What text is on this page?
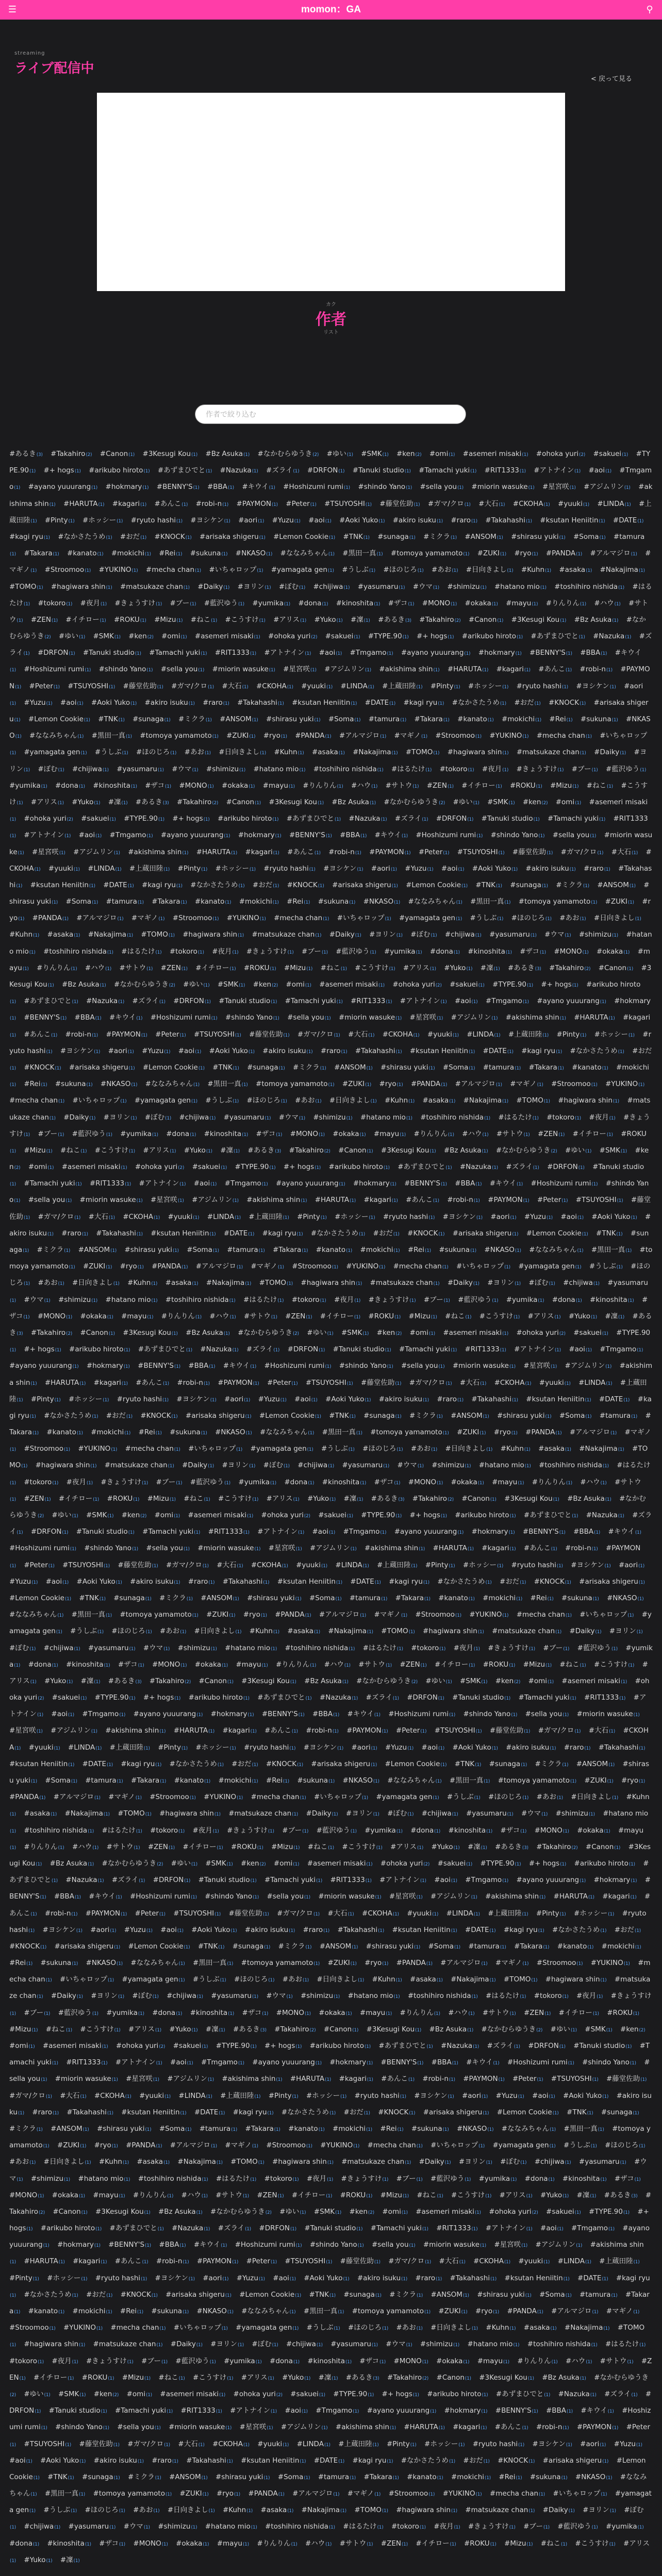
☰	momon：GA	⚲
streaming
ライブ配信中
< 戻って見る
カク
作者
リスト
作者で絞り込む
#あるき(3) #Takahiro(2) #Canon(1) #3Kesugi Kou(1) #Bz Asuka(1) #なかむらゆうき(2) #ゆい(1) #SMK(1) #ken(2) #omi(1) #asemeri misaki(1) #ohoka yuri(2) #sakuei(1) #TYPE.90(1) #+ hogs(1) #arikubo hiroto(1) #あずまひでと(1) #Nazuka(1) #ズライ(1) #DRFON(1) #Tanuki studio(1) #Tamachi yuki(1) #RIT1333(1) #アトナイン(1) #aoi(1) #Tmgamo(1) #ayano yuuurang(1) #hokmary(1) #BENNY'S(1) #BBA(1) #キウイ(1) #Hoshizumi rumi(1) #shindo Yano(1) #sella you(1) #miorin wasuke(1) #星宮咲(1) #アジムリン(1) #akishima shin(1) #HARUTA(1) #kagari(1) #あんこ(1) #robi-n(1) #PAYMON(1) #Peter(1) #TSUYOSHI(1) #藤堂佐助(1) #ガマ/クロ(1) #大石(1) #CKOHA(1) #yuuki(1) #LINDA(1) #上蔵田陸(1) #Pinty(1) #ホッシー(1) #ryuto hashi(1) #ヨシケン(1) #aori(1) #Yuzu(1) #aoi(1) #Aoki Yuko(1) #akiro isuku(1) #raro(1) #Takahashi(1) #ksutan Heniitin(1) #DATE(1) #kagi ryu(1) #なかさたうめ(1) #おだ(1) #KNOCK(1) #arisaka shigeru(1) #Lemon Cookie(1) #TNK(1) #sunaga(1) #ミクラ(1) #ANSOM(1) #shirasu yuki(1) #Soma(1) #tamura(1) #Takara(1) #kanato(1) #mokichi(1) #Rei(1) #sukuna(1) #NKASO(1) #ななみちゃん(1) #黒田一真(1) #tomoya yamamoto(1) #ZUKI(1) #ryo(1) #PANDA(1) #アルマジロ(1) #マギノ(1) #Stroomoo(1) #YUKINO(1) #mecha chan(1) #いちゃロップ(1) #yamagata gen(1) #うしぶ(1) #ほのじろ(1) #あお(1) #日向きよし(1) #Kuhn(1) #asaka(1) #Nakajima(1) #TOMO(1) #hagiwara shin(1) #matsukaze chan(1) #Daiky(1) #ヨリン(1) #ぼむ(1) #chijiwa(1) #yasumaru(1) #ウマ(1) #shimizu(1) #hatano mio(1) #toshihiro nishida(1) #はるたけ(1) #tokoro(1) #夜月(1) #きょうすけ(1) #ブー(1) #藍沢ゆう(1) #yumika(1) #dona(1) #kinoshita(1) #ザコ(1) #MONO(1) #okaka(1) #mayu(1) #りんりん(1) #ハウ(1) #サトウ(1) #ZEN(1) #イチロー(1) #ROKU(1) #Mizu(1) #ねこ(1) #こうすけ(1) #アリス(1) #Yuko(1) #凜(1) #あるき(3) #Takahiro(2) #Canon(1) #3Kesugi Kou(1) #Bz Asuka(1) #なかむらゆうき(2) #ゆい(1) #SMK(1) #ken(2) #omi(1) #asemeri misaki(1) #ohoka yuri(2) #sakuei(1) #TYPE.90(1) #+ hogs(1) #arikubo hiroto(1) #あずまひでと(1) #Nazuka(1) #ズライ(1) #DRFON(1) #Tanuki studio(1) #Tamachi yuki(1) #RIT1333(1) #アトナイン(1) #aoi(1) #Tmgamo(1) #ayano yuuurang(1) #hokmary(1) #BENNY'S(1) #BBA(1) #キウイ(1) #Hoshizumi rumi(1) #shindo Yano(1) #sella you(1) #miorin wasuke(1) #星宮咲(1) #アジムリン(1) #akishima shin(1) #HARUTA(1) #kagari(1) #あんこ(1) #robi-n(1) #PAYMON(1) #Peter(1) #TSUYOSHI(1) #藤堂佐助(1) #ガマ/クロ(1) #大石(1) #CKOHA(1) #yuuki(1) #LINDA(1) #上蔵田陸(1) #Pinty(1) #ホッシー(1) #ryuto hashi(1) #ヨシケン(1) #aori(1) #Yuzu(1) #aoi(1) #Aoki Yuko(1) #akiro isuku(1) #raro(1) #Takahashi(1) #ksutan Heniitin(1) #DATE(1) #kagi ryu(1) #なかさたうめ(1) #おだ(1) #KNOCK(1) #arisaka shigeru(1) #Lemon Cookie(1) #TNK(1) #sunaga(1) #ミクラ(1) #ANSOM(1) #shirasu yuki(1) #Soma(1) #tamura(1) #Takara(1) #kanato(1) #mokichi(1) #Rei(1) #sukuna(1) #NKASO(1) #ななみちゃん(1) #黒田一真(1) #tomoya yamamoto(1) #ZUKI(1) #ryo(1) #PANDA(1) #アルマジロ(1) #マギノ(1) #Stroomoo(1) #YUKINO(1) #mecha chan(1) #いちゃロップ(1) #yamagata gen(1) #うしぶ(1) #ほのじろ(1) #あお(1) #日向きよし(1) #Kuhn(1) #asaka(1) #Nakajima(1) #TOMO(1) #hagiwara shin(1) #matsukaze chan(1) #Daiky(1) #ヨリン(1) #ぼむ(1) #chijiwa(1) #yasumaru(1) #ウマ(1) #shimizu(1) #hatano mio(1) #toshihiro nishida(1) #はるたけ(1) #tokoro(1) #夜月(1) #きょうすけ(1) #ブー(1) #藍沢ゆう(1) #yumika(1) #dona(1) #kinoshita(1) #ザコ(1) #MONO(1) #okaka(1) #mayu(1) #りんりん(1) #ハウ(1) #サトウ(1) #ZEN(1) #イチロー(1) #ROKU(1) #Mizu(1) #ねこ(1) #こうすけ(1) #アリス(1) #Yuko(1) #凜(1) #あるき(3) #Takahiro(2) #Canon(1) #3Kesugi Kou(1) #Bz Asuka(1) #なかむらゆうき(2) #ゆい(1) #SMK(1) #ken(2) #omi(1) #asemeri misaki(1) #ohoka yuri(2) #sakuei(1) #TYPE.90(1) #+ hogs(1) #arikubo hiroto(1) #あずまひでと(1) #Nazuka(1) #ズライ(1) #DRFON(1) #Tanuki studio(1) #Tamachi yuki(1) #RIT1333(1) #アトナイン(1) #aoi(1) #Tmgamo(1) #ayano yuuurang(1) #hokmary(1) #BENNY'S(1) #BBA(1) #キウイ(1) #Hoshizumi rumi(1) #shindo Yano(1) #sella you(1) #miorin wasuke(1) #星宮咲(1) #アジムリン(1) #akishima shin(1) #HARUTA(1) #kagari(1) #あんこ(1) #robi-n(1) #PAYMON(1) #Peter(1) #TSUYOSHI(1) #藤堂佐助(1) #ガマ/クロ(1) #大石(1) #CKOHA(1) #yuuki(1) #LINDA(1) #上蔵田陸(1) #Pinty(1) #ホッシー(1) #ryuto hashi(1) #ヨシケン(1) #aori(1) #Yuzu(1) #aoi(1) #Aoki Yuko(1) #akiro isuku(1) #raro(1) #Takahashi(1) #ksutan Heniitin(1) #DATE(1) #kagi ryu(1) #なかさたうめ(1) #おだ(1) #KNOCK(1) #arisaka shigeru(1) #Lemon Cookie(1) #TNK(1) #sunaga(1) #ミクラ(1) #ANSOM(1) #shirasu yuki(1) #Soma(1) #tamura(1) #Takara(1) #kanato(1) #mokichi(1) #Rei(1) #sukuna(1) #NKASO(1) #ななみちゃん(1) #黒田一真(1) #tomoya yamamoto(1) #ZUKI(1) #ryo(1) #PANDA(1) #アルマジロ(1) #マギノ(1) #Stroomoo(1) #YUKINO(1) #mecha chan(1) #いちゃロップ(1) #yamagata gen(1) #うしぶ(1) #ほのじろ(1) #あお(1) #日向きよし(1) #Kuhn(1) #asaka(1) #Nakajima(1) #TOMO(1) #hagiwara shin(1) #matsukaze chan(1) #Daiky(1) #ヨリン(1) #ぼむ(1) #chijiwa(1) #yasumaru(1) #ウマ(1) #shimizu(1) #hatano mio(1) #toshihiro nishida(1) #はるたけ(1) #tokoro(1) #夜月(1) #きょうすけ(1) #ブー(1) #藍沢ゆう(1) #yumika(1) #dona(1) #kinoshita(1) #ザコ(1) #MONO(1) #okaka(1) #mayu(1) #りんりん(1) #ハウ(1) #サトウ(1) #ZEN(1) #イチロー(1) #ROKU(1) #Mizu(1) #ねこ(1) #こうすけ(1) #アリス(1) #Yuko(1) #凜(1) #あるき(3) #Takahiro(2) #Canon(1) #3Kesugi Kou(1) #Bz Asuka(1) #なかむらゆうき(2) #ゆい(1) #SMK(1) #ken(2) #omi(1) #asemeri misaki(1) #ohoka yuri(2) #sakuei(1) #TYPE.90(1) #+ hogs(1) #arikubo hiroto(1) #あずまひでと(1) #Nazuka(1) #ズライ(1) #DRFON(1) #Tanuki studio(1) #Tamachi yuki(1) #RIT1333(1) #アトナイン(1) #aoi(1) #Tmgamo(1) #ayano yuuurang(1) #hokmary(1) #BENNY'S(1) #BBA(1) #キウイ(1) #Hoshizumi rumi(1) #shindo Yano(1) #sella you(1) #miorin wasuke(1) #星宮咲(1) #アジムリン(1) #akishima shin(1) #HARUTA(1) #kagari(1) #あんこ(1) #robi-n(1) #PAYMON(1) #Peter(1) #TSUYOSHI(1) #藤堂佐助(1) #ガマ/クロ(1) #大石(1) #CKOHA(1) #yuuki(1) #LINDA(1) #上蔵田陸(1) #Pinty(1) #ホッシー(1) #ryuto hashi(1) #ヨシケン(1) #aori(1) #Yuzu(1) #aoi(1) #Aoki Yuko(1) #akiro isuku(1) #raro(1) #Takahashi(1) #ksutan Heniitin(1) #DATE(1) #kagi ryu(1) #なかさたうめ(1) #おだ(1) #KNOCK(1) #arisaka shigeru(1) #Lemon Cookie(1) #TNK(1) #sunaga(1) #ミクラ(1) #ANSOM(1) #shirasu yuki(1) #Soma(1) #tamura(1) #Takara(1) #kanato(1) #mokichi(1) #Rei(1) #sukuna(1) #NKASO(1) #ななみちゃん(1) #黒田一真(1) #tomoya yamamoto(1) #ZUKI(1) #ryo(1) #PANDA(1) #アルマジロ(1) #マギノ(1) #Stroomoo(1) #YUKINO(1) #mecha chan(1) #いちゃロップ(1) #yamagata gen(1) #うしぶ(1) #ほのじろ(1) #あお(1) #日向きよし(1) #Kuhn(1) #asaka(1) #Nakajima(1) #TOMO(1) #hagiwara shin(1) #matsukaze chan(1) #Daiky(1) #ヨリン(1) #ぼむ(1) #chijiwa(1) #yasumaru(1) #ウマ(1) #shimizu(1) #hatano mio(1) #toshihiro nishida(1) #はるたけ(1) #tokoro(1) #夜月(1) #きょうすけ(1) #ブー(1) #藍沢ゆう(1) #yumika(1) #dona(1) #kinoshita(1) #ザコ(1) #MONO(1) #okaka(1) #mayu(1) #りんりん(1) #ハウ(1) #サトウ(1) #ZEN(1) #イチロー(1) #ROKU(1) #Mizu(1) #ねこ(1) #こうすけ(1) #アリス(1) #Yuko(1) #凜(1) #あるき(3) #Takahiro(2) #Canon(1) #3Kesugi Kou(1) #Bz Asuka(1) #なかむらゆうき(2) #ゆい(1) #SMK(1) #ken(2) #omi(1) #asemeri misaki(1) #ohoka yuri(2) #sakuei(1) #TYPE.90(1) #+ hogs(1) #arikubo hiroto(1) #あずまひでと(1) #Nazuka(1) #ズライ(1) #DRFON(1) #Tanuki studio(1) #Tamachi yuki(1) #RIT1333(1) #アトナイン(1) #aoi(1) #Tmgamo(1) #ayano yuuurang(1) #hokmary(1) #BENNY'S(1) #BBA(1) #キウイ(1) #Hoshizumi rumi(1) #shindo Yano(1) #sella you(1) #miorin wasuke(1) #星宮咲(1) #アジムリン(1) #akishima shin(1) #HARUTA(1) #kagari(1) #あんこ(1) #robi-n(1) #PAYMON(1) #Peter(1) #TSUYOSHI(1) #藤堂佐助(1) #ガマ/クロ(1) #大石(1) #CKOHA(1) #yuuki(1) #LINDA(1) #上蔵田陸(1) #Pinty(1) #ホッシー(1) #ryuto hashi(1) #ヨシケン(1) #aori(1) #Yuzu(1) #aoi(1) #Aoki Yuko(1) #akiro isuku(1) #raro(1) #Takahashi(1) #ksutan Heniitin(1) #DATE(1) #kagi ryu(1) #なかさたうめ(1) #おだ(1) #KNOCK(1) #arisaka shigeru(1) #Lemon Cookie(1) #TNK(1) #sunaga(1) #ミクラ(1) #ANSOM(1) #shirasu yuki(1) #Soma(1) #tamura(1) #Takara(1) #kanato(1) #mokichi(1) #Rei(1) #sukuna(1) #NKASO(1) #ななみちゃん(1) #黒田一真(1) #tomoya yamamoto(1) #ZUKI(1) #ryo(1) #PANDA(1) #アルマジロ(1) #マギノ(1) #Stroomoo(1) #YUKINO(1) #mecha chan(1) #いちゃロップ(1) #yamagata gen(1) #うしぶ(1) #ほのじろ(1) #あお(1) #日向きよし(1) #Kuhn(1) #asaka(1) #Nakajima(1) #TOMO(1) #hagiwara shin(1) #matsukaze chan(1) #Daiky(1) #ヨリン(1) #ぼむ(1) #chijiwa(1) #yasumaru(1) #ウマ(1) #shimizu(1) #hatano mio(1) #toshihiro nishida(1) #はるたけ(1) #tokoro(1) #夜月(1) #きょうすけ(1) #ブー(1) #藍沢ゆう(1) #yumika(1) #dona(1) #kinoshita(1) #ザコ(1) #MONO(1) #okaka(1) #mayu(1) #りんりん(1) #ハウ(1) #サトウ(1) #ZEN(1) #イチロー(1) #ROKU(1) #Mizu(1) #ねこ(1) #こうすけ(1) #アリス(1) #Yuko(1) #凜(1) #あるき(3) #Takahiro(2) #Canon(1) #3Kesugi Kou(1) #Bz Asuka(1) #なかむらゆうき(2) #ゆい(1) #SMK(1) #ken(2) #omi(1) #asemeri misaki(1) #ohoka yuri(2) #sakuei(1) #TYPE.90(1) #+ hogs(1) #arikubo hiroto(1) #あずまひでと(1) #Nazuka(1) #ズライ(1) #DRFON(1) #Tanuki studio(1) #Tamachi yuki(1) #RIT1333(1) #アトナイン(1) #aoi(1) #Tmgamo(1) #ayano yuuurang(1) #hokmary(1) #BENNY'S(1) #BBA(1) #キウイ(1) #Hoshizumi rumi(1) #shindo Yano(1) #sella you(1) #miorin wasuke(1) #星宮咲(1) #アジムリン(1) #akishima shin(1) #HARUTA(1) #kagari(1) #あんこ(1) #robi-n(1) #PAYMON(1) #Peter(1) #TSUYOSHI(1) #藤堂佐助(1) #ガマ/クロ(1) #大石(1) #CKOHA(1) #yuuki(1) #LINDA(1) #上蔵田陸(1) #Pinty(1) #ホッシー(1) #ryuto hashi(1) #ヨシケン(1) #aori(1) #Yuzu(1) #aoi(1) #Aoki Yuko(1) #akiro isuku(1) #raro(1) #Takahashi(1) #ksutan Heniitin(1) #DATE(1) #kagi ryu(1) #なかさたうめ(1) #おだ(1) #KNOCK(1) #arisaka shigeru(1) #Lemon Cookie(1) #TNK(1) #sunaga(1) #ミクラ(1) #ANSOM(1) #shirasu yuki(1) #Soma(1) #tamura(1) #Takara(1) #kanato(1) #mokichi(1) #Rei(1) #sukuna(1) #NKASO(1) #ななみちゃん(1) #黒田一真(1) #tomoya yamamoto(1) #ZUKI(1) #ryo(1) #PANDA(1) #アルマジロ(1) #マギノ(1) #Stroomoo(1) #YUKINO(1) #mecha chan(1) #いちゃロップ(1) #yamagata gen(1) #うしぶ(1) #ほのじろ(1) #あお(1) #日向きよし(1) #Kuhn(1) #asaka(1) #Nakajima(1) #TOMO(1) #hagiwara shin(1) #matsukaze chan(1) #Daiky(1) #ヨリン(1) #ぼむ(1) #chijiwa(1) #yasumaru(1) #ウマ(1) #shimizu(1) #hatano mio(1) #toshihiro nishida(1) #はるたけ(1) #tokoro(1) #夜月(1) #きょうすけ(1) #ブー(1) #藍沢ゆう(1) #yumika(1) #dona(1) #kinoshita(1) #ザコ(1) #MONO(1) #okaka(1) #mayu(1) #りんりん(1) #ハウ(1) #サトウ(1) #ZEN(1) #イチロー(1) #ROKU(1) #Mizu(1) #ねこ(1) #こうすけ(1) #アリス(1) #Yuko(1) #凜(1) #あるき(3) #Takahiro(2) #Canon(1) #3Kesugi Kou(1) #Bz Asuka(1) #なかむらゆうき(2) #ゆい(1) #SMK(1) #ken(2) #omi(1) #asemeri misaki(1) #ohoka yuri(2) #sakuei(1) #TYPE.90(1) #+ hogs(1) #arikubo hiroto(1) #あずまひでと(1) #Nazuka(1) #ズライ(1) #DRFON(1) #Tanuki studio(1) #Tamachi yuki(1) #RIT1333(1) #アトナイン(1) #aoi(1) #Tmgamo(1) #ayano yuuurang(1) #hokmary(1) #BENNY'S(1) #BBA(1) #キウイ(1) #Hoshizumi rumi(1) #shindo Yano(1) #sella you(1) #miorin wasuke(1) #星宮咲(1) #アジムリン(1) #akishima shin(1) #HARUTA(1) #kagari(1) #あんこ(1) #robi-n(1) #PAYMON(1) #Peter(1) #TSUYOSHI(1) #藤堂佐助(1) #ガマ/クロ(1) #大石(1) #CKOHA(1) #yuuki(1) #LINDA(1) #上蔵田陸(1) #Pinty(1) #ホッシー(1) #ryuto hashi(1) #ヨシケン(1) #aori(1) #Yuzu(1) #aoi(1) #Aoki Yuko(1) #akiro isuku(1) #raro(1) #Takahashi(1) #ksutan Heniitin(1) #DATE(1) #kagi ryu(1) #なかさたうめ(1) #おだ(1) #KNOCK(1) #arisaka shigeru(1) #Lemon Cookie(1) #TNK(1) #sunaga(1) #ミクラ(1) #ANSOM(1) #shirasu yuki(1) #Soma(1) #tamura(1) #Takara(1) #kanato(1) #mokichi(1) #Rei(1) #sukuna(1) #NKASO(1) #ななみちゃん(1) #黒田一真(1) #tomoya yamamoto(1) #ZUKI(1) #ryo(1) #PANDA(1) #アルマジロ(1) #マギノ(1) #Stroomoo(1) #YUKINO(1) #mecha chan(1) #いちゃロップ(1) #yamagata gen(1) #うしぶ(1) #ほのじろ(1) #あお(1) #日向きよし(1) #Kuhn(1) #asaka(1) #Nakajima(1) #TOMO(1) #hagiwara shin(1) #matsukaze chan(1) #Daiky(1) #ヨリン(1) #ぼむ(1) #chijiwa(1) #yasumaru(1) #ウマ(1) #shimizu(1) #hatano mio(1) #toshihiro nishida(1) #はるたけ(1) #tokoro(1) #夜月(1) #きょうすけ(1) #ブー(1) #藍沢ゆう(1) #yumika(1) #dona(1) #kinoshita(1) #ザコ(1) #MONO(1) #okaka(1) #mayu(1) #りんりん(1) #ハウ(1) #サトウ(1) #ZEN(1) #イチロー(1) #ROKU(1) #Mizu(1) #ねこ(1) #こうすけ(1) #アリス(1) #Yuko(1) #凜(1) #あるき(3) #Takahiro(2) #Canon(1) #3Kesugi Kou(1) #Bz Asuka(1) #なかむらゆうき(2) #ゆい(1) #SMK(1) #ken(2) #omi(1) #asemeri misaki(1) #ohoka yuri(2) #sakuei(1) #TYPE.90(1) #+ hogs(1) #arikubo hiroto(1) #あずまひでと(1) #Nazuka(1) #ズライ(1) #DRFON(1) #Tanuki studio(1) #Tamachi yuki(1) #RIT1333(1) #アトナイン(1) #aoi(1) #Tmgamo(1) #ayano yuuurang(1) #hokmary(1) #BENNY'S(1) #BBA(1) #キウイ(1) #Hoshizumi rumi(1) #shindo Yano(1) #sella you(1) #miorin wasuke(1) #星宮咲(1) #アジムリン(1) #akishima shin(1) #HARUTA(1) #kagari(1) #あんこ(1) #robi-n(1) #PAYMON(1) #Peter(1) #TSUYOSHI(1) #藤堂佐助(1) #ガマ/クロ(1) #大石(1) #CKOHA(1) #yuuki(1) #LINDA(1) #上蔵田陸(1) #Pinty(1) #ホッシー(1) #ryuto hashi(1) #ヨシケン(1) #aori(1) #Yuzu(1) #aoi(1) #Aoki Yuko(1) #akiro isuku(1) #raro(1) #Takahashi(1) #ksutan Heniitin(1) #DATE(1) #kagi ryu(1) #なかさたうめ(1) #おだ(1) #KNOCK(1) #arisaka shigeru(1) #Lemon Cookie(1) #TNK(1) #sunaga(1) #ミクラ(1) #ANSOM(1) #shirasu yuki(1) #Soma(1) #tamura(1) #Takara(1) #kanato(1) #mokichi(1) #Rei(1) #sukuna(1) #NKASO(1) #ななみちゃん(1) #黒田一真(1) #tomoya yamamoto(1) #ZUKI(1) #ryo(1) #PANDA(1) #アルマジロ(1) #マギノ(1) #Stroomoo(1) #YUKINO(1) #mecha chan(1) #いちゃロップ(1) #yamagata gen(1) #うしぶ(1) #ほのじろ(1) #あお(1) #日向きよし(1) #Kuhn(1) #asaka(1) #Nakajima(1) #TOMO(1) #hagiwara shin(1) #matsukaze chan(1) #Daiky(1) #ヨリン(1) #ぼむ(1) #chijiwa(1) #yasumaru(1) #ウマ(1) #shimizu(1) #hatano mio(1) #toshihiro nishida(1) #はるたけ(1) #tokoro(1) #夜月(1) #きょうすけ(1) #ブー(1) #藍沢ゆう(1) #yumika(1) #dona(1) #kinoshita(1) #ザコ(1) #MONO(1) #okaka(1) #mayu(1) #りんりん(1) #ハウ(1) #サトウ(1) #ZEN(1) #イチロー(1) #ROKU(1) #Mizu(1) #ねこ(1) #こうすけ(1) #アリス(1) #Yuko(1) #凜(1) #あるき(3) #Takahiro(2) #Canon(1) #3Kesugi Kou(1) #Bz Asuka(1) #なかむらゆうき(2) #ゆい(1) #SMK(1) #ken(2) #omi(1) #asemeri misaki(1) #ohoka yuri(2) #sakuei(1) #TYPE.90(1) #+ hogs(1) #arikubo hiroto(1) #あずまひでと(1) #Nazuka(1) #ズライ(1) #DRFON(1) #Tanuki studio(1) #Tamachi yuki(1) #RIT1333(1) #アトナイン(1) #aoi(1) #Tmgamo(1) #ayano yuuurang(1) #hokmary(1) #BENNY'S(1) #BBA(1) #キウイ(1) #Hoshizumi rumi(1) #shindo Yano(1) #sella you(1) #miorin wasuke(1) #星宮咲(1) #アジムリン(1) #akishima shin(1) #HARUTA(1) #kagari(1) #あんこ(1) #robi-n(1) #PAYMON(1) #Peter(1) #TSUYOSHI(1) #藤堂佐助(1) #ガマ/クロ(1) #大石(1) #CKOHA(1) #yuuki(1) #LINDA(1) #上蔵田陸(1) #Pinty(1) #ホッシー(1) #ryuto hashi(1) #ヨシケン(1) #aori(1) #Yuzu(1) #aoi(1) #Aoki Yuko(1) #akiro isuku(1) #raro(1) #Takahashi(1) #ksutan Heniitin(1) #DATE(1) #kagi ryu(1) #なかさたうめ(1) #おだ(1) #KNOCK(1) #arisaka shigeru(1) #Lemon Cookie(1) #TNK(1) #sunaga(1) #ミクラ(1) #ANSOM(1) #shirasu yuki(1) #Soma(1) #tamura(1) #Takara(1) #kanato(1) #mokichi(1) #Rei(1) #sukuna(1) #NKASO(1) #ななみちゃん(1) #黒田一真(1) #tomoya yamamoto(1) #ZUKI(1) #ryo(1) #PANDA(1) #アルマジロ(1) #マギノ(1) #Stroomoo(1) #YUKINO(1) #mecha chan(1) #いちゃロップ(1) #yamagata gen(1) #うしぶ(1) #ほのじろ(1) #あお(1) #日向きよし(1) #Kuhn(1) #asaka(1) #Nakajima(1) #TOMO(1) #hagiwara shin(1) #matsukaze chan(1) #Daiky(1) #ヨリン(1) #ぼむ(1) #chijiwa(1) #yasumaru(1) #ウマ(1) #shimizu(1) #hatano mio(1) #toshihiro nishida(1) #はるたけ(1) #tokoro(1) #夜月(1) #きょうすけ(1) #ブー(1) #藍沢ゆう(1) #yumika(1) #dona(1) #kinoshita(1) #ザコ(1) #MONO(1) #okaka(1) #mayu(1) #りんりん(1) #ハウ(1) #サトウ(1) #ZEN(1) #イチロー(1) #ROKU(1) #Mizu(1) #ねこ(1) #こうすけ(1) #アリス(1) #Yuko(1) #凜(1) #あるき(3) #Takahiro(2) #Canon(1) #3Kesugi Kou(1) #Bz Asuka(1) #なかむらゆうき(2) #ゆい(1) #SMK(1) #ken(2) #omi(1) #asemeri misaki(1) #ohoka yuri(2) #sakuei(1) #TYPE.90(1) #+ hogs(1) #arikubo hiroto(1) #あずまひでと(1) #Nazuka(1) #ズライ(1) #DRFON(1) #Tanuki studio(1) #Tamachi yuki(1) #RIT1333(1) #アトナイン(1) #aoi(1) #Tmgamo(1) #ayano yuuurang(1) #hokmary(1) #BENNY'S(1) #BBA(1) #キウイ(1) #Hoshizumi rumi(1) #shindo Yano(1) #sella you(1) #miorin wasuke(1) #星宮咲(1) #アジムリン(1) #akishima shin(1) #HARUTA(1) #kagari(1) #あんこ(1) #robi-n(1) #PAYMON(1) #Peter(1) #TSUYOSHI(1) #藤堂佐助(1) #ガマ/クロ(1) #大石(1) #CKOHA(1) #yuuki(1) #LINDA(1) #上蔵田陸(1) #Pinty(1) #ホッシー(1) #ryuto hashi(1) #ヨシケン(1) #aori(1) #Yuzu(1) #aoi(1) #Aoki Yuko(1) #akiro isuku(1) #raro(1) #Takahashi(1) #ksutan Heniitin(1) #DATE(1) #kagi ryu(1) #なかさたうめ(1) #おだ(1) #KNOCK(1) #arisaka shigeru(1) #Lemon Cookie(1) #TNK(1) #sunaga(1) #ミクラ(1) #ANSOM(1) #shirasu yuki(1) #Soma(1) #tamura(1) #Takara(1) #kanato(1) #mokichi(1) #Rei(1) #sukuna(1) #NKASO(1) #ななみちゃん(1) #黒田一真(1) #tomoya yamamoto(1) #ZUKI(1) #ryo(1) #PANDA(1) #アルマジロ(1) #マギノ(1) #Stroomoo(1) #YUKINO(1) #mecha chan(1) #いちゃロップ(1) #yamagata gen(1) #うしぶ(1) #ほのじろ(1) #あお(1) #日向きよし(1) #Kuhn(1) #asaka(1) #Nakajima(1) #TOMO(1) #hagiwara shin(1) #matsukaze chan(1) #Daiky(1) #ヨリン(1) #ぼむ(1) #chijiwa(1) #yasumaru(1) #ウマ(1) #shimizu(1) #hatano mio(1) #toshihiro nishida(1) #はるたけ(1) #tokoro(1) #夜月(1) #きょうすけ(1) #ブー(1) #藍沢ゆう(1) #yumika(1) #dona(1) #kinoshita(1) #ザコ(1) #MONO(1) #okaka(1) #mayu(1) #りんりん(1) #ハウ(1) #サトウ(1) #ZEN(1) #イチロー(1) #ROKU(1) #Mizu(1) #ねこ(1) #こうすけ(1) #アリス(1) #Yuko(1) #凜(1) #あるき(3) #Takahiro(2) #Canon(1) #3Kesugi Kou(1) #Bz Asuka(1) #なかむらゆうき(2) #ゆい(1) #SMK(1) #ken(2) #omi(1) #asemeri misaki(1) #ohoka yuri(2) #sakuei(1) #TYPE.90(1) #+ hogs(1) #arikubo hiroto(1) #あずまひでと(1) #Nazuka(1) #ズライ(1) #DRFON(1) #Tanuki studio(1) #Tamachi yuki(1) #RIT1333(1) #アトナイン(1) #aoi(1) #Tmgamo(1) #ayano yuuurang(1) #hokmary(1) #BENNY'S(1) #BBA(1) #キウイ(1) #Hoshizumi rumi(1) #shindo Yano(1) #sella you(1) #miorin wasuke(1) #星宮咲(1) #アジムリン(1) #akishima shin(1) #HARUTA(1) #kagari(1) #あんこ(1) #robi-n(1) #PAYMON(1) #Peter(1) #TSUYOSHI(1) #藤堂佐助(1) #ガマ/クロ(1) #大石(1) #CKOHA(1) #yuuki(1) #LINDA(1) #上蔵田陸(1) #Pinty(1) #ホッシー(1) #ryuto hashi(1) #ヨシケン(1) #aori(1) #Yuzu(1) #aoi(1) #Aoki Yuko(1) #akiro isuku(1) #raro(1) #Takahashi(1) #ksutan Heniitin(1) #DATE(1) #kagi ryu(1) #なかさたうめ(1) #おだ(1) #KNOCK(1) #arisaka shigeru(1) #Lemon Cookie(1) #TNK(1) #sunaga(1) #ミクラ(1) #ANSOM(1) #shirasu yuki(1) #Soma(1) #tamura(1) #Takara(1) #kanato(1) #mokichi(1) #Rei(1) #sukuna(1) #NKASO(1) #ななみちゃん(1) #黒田一真(1) #tomoya yamamoto(1) #ZUKI(1) #ryo(1) #PANDA(1) #アルマジロ(1) #マギノ(1) #Stroomoo(1) #YUKINO(1) #mecha chan(1) #いちゃロップ(1) #yamagata gen(1) #うしぶ(1) #ほのじろ(1) #あお(1) #日向きよし(1) #Kuhn(1) #asaka(1) #Nakajima(1) #TOMO(1) #hagiwara shin(1) #matsukaze chan(1) #Daiky(1) #ヨリン(1) #ぼむ(1) #chijiwa(1) #yasumaru(1) #ウマ(1) #shimizu(1) #hatano mio(1) #toshihiro nishida(1) #はるたけ(1) #tokoro(1) #夜月(1) #きょうすけ(1) #ブー(1) #藍沢ゆう(1) #yumika(1) #dona(1) #kinoshita(1) #ザコ(1) #MONO(1) #okaka(1) #mayu(1) #りんりん(1) #ハウ(1) #サトウ(1) #ZEN(1) #イチロー(1) #ROKU(1) #Mizu(1) #ねこ(1) #こうすけ(1) #アリス(1) #Yuko(1) #凜(1) #あるき(3) #Takahiro(2) #Canon(1) #3Kesugi Kou(1) #Bz Asuka(1) #なかむらゆうき(2) #ゆい(1) #SMK(1) #ken(2) #omi(1) #asemeri misaki(1) #ohoka yuri(2) #sakuei(1) #TYPE.90(1) #+ hogs(1) #arikubo hiroto(1) #あずまひでと(1) #Nazuka(1) #ズライ(1) #DRFON(1) #Tanuki studio(1) #Tamachi yuki(1) #RIT1333(1) #アトナイン(1) #aoi(1) #Tmgamo(1) #ayano yuuurang(1) #hokmary(1) #BENNY'S(1) #BBA(1) #キウイ(1) #Hoshizumi rumi(1) #shindo Yano(1) #sella you(1) #miorin wasuke(1) #星宮咲(1) #アジムリン(1) #akishima shin(1) #HARUTA(1) #kagari(1) #あんこ(1) #robi-n(1) #PAYMON(1) #Peter(1) #TSUYOSHI(1) #藤堂佐助(1) #ガマ/クロ(1) #大石(1) #CKOHA(1) #yuuki(1) #LINDA(1) #上蔵田陸(1) #Pinty(1) #ホッシー(1) #ryuto hashi(1) #ヨシケン(1) #aori(1) #Yuzu(1) #aoi(1) #Aoki Yuko(1) #akiro isuku(1) #raro(1) #Takahashi(1) #ksutan Heniitin(1) #DATE(1) #kagi ryu(1) #なかさたうめ(1) #おだ(1) #KNOCK(1) #arisaka shigeru(1) #Lemon Cookie(1) #TNK(1) #sunaga(1) #ミクラ(1) #ANSOM(1) #shirasu yuki(1) #Soma(1) #tamura(1) #Takara(1) #kanato(1) #mokichi(1) #Rei(1) #sukuna(1) #NKASO(1) #ななみちゃん(1) #黒田一真(1) #tomoya yamamoto(1) #ZUKI(1) #ryo(1) #PANDA(1) #アルマジロ(1) #マギノ(1) #Stroomoo(1) #YUKINO(1) #mecha chan(1) #いちゃロップ(1) #yamagata gen(1) #うしぶ(1) #ほのじろ(1) #あお(1) #日向きよし(1) #Kuhn(1) #asaka(1) #Nakajima(1) #TOMO(1) #hagiwara shin(1) #matsukaze chan(1) #Daiky(1) #ヨリン(1) #ぼむ(1) #chijiwa(1) #yasumaru(1) #ウマ(1) #shimizu(1) #hatano mio(1) #toshihiro nishida(1) #はるたけ(1) #tokoro(1) #夜月(1) #きょうすけ(1) #ブー(1) #藍沢ゆう(1) #yumika(1) #dona(1) #kinoshita(1) #ザコ(1) #MONO(1) #okaka(1) #mayu(1) #りんりん(1) #ハウ(1) #サトウ(1) #ZEN(1) #イチロー(1) #ROKU(1) #Mizu(1) #ねこ(1) #こうすけ(1) #アリス(1) #Yuko(1) #凜(1)
